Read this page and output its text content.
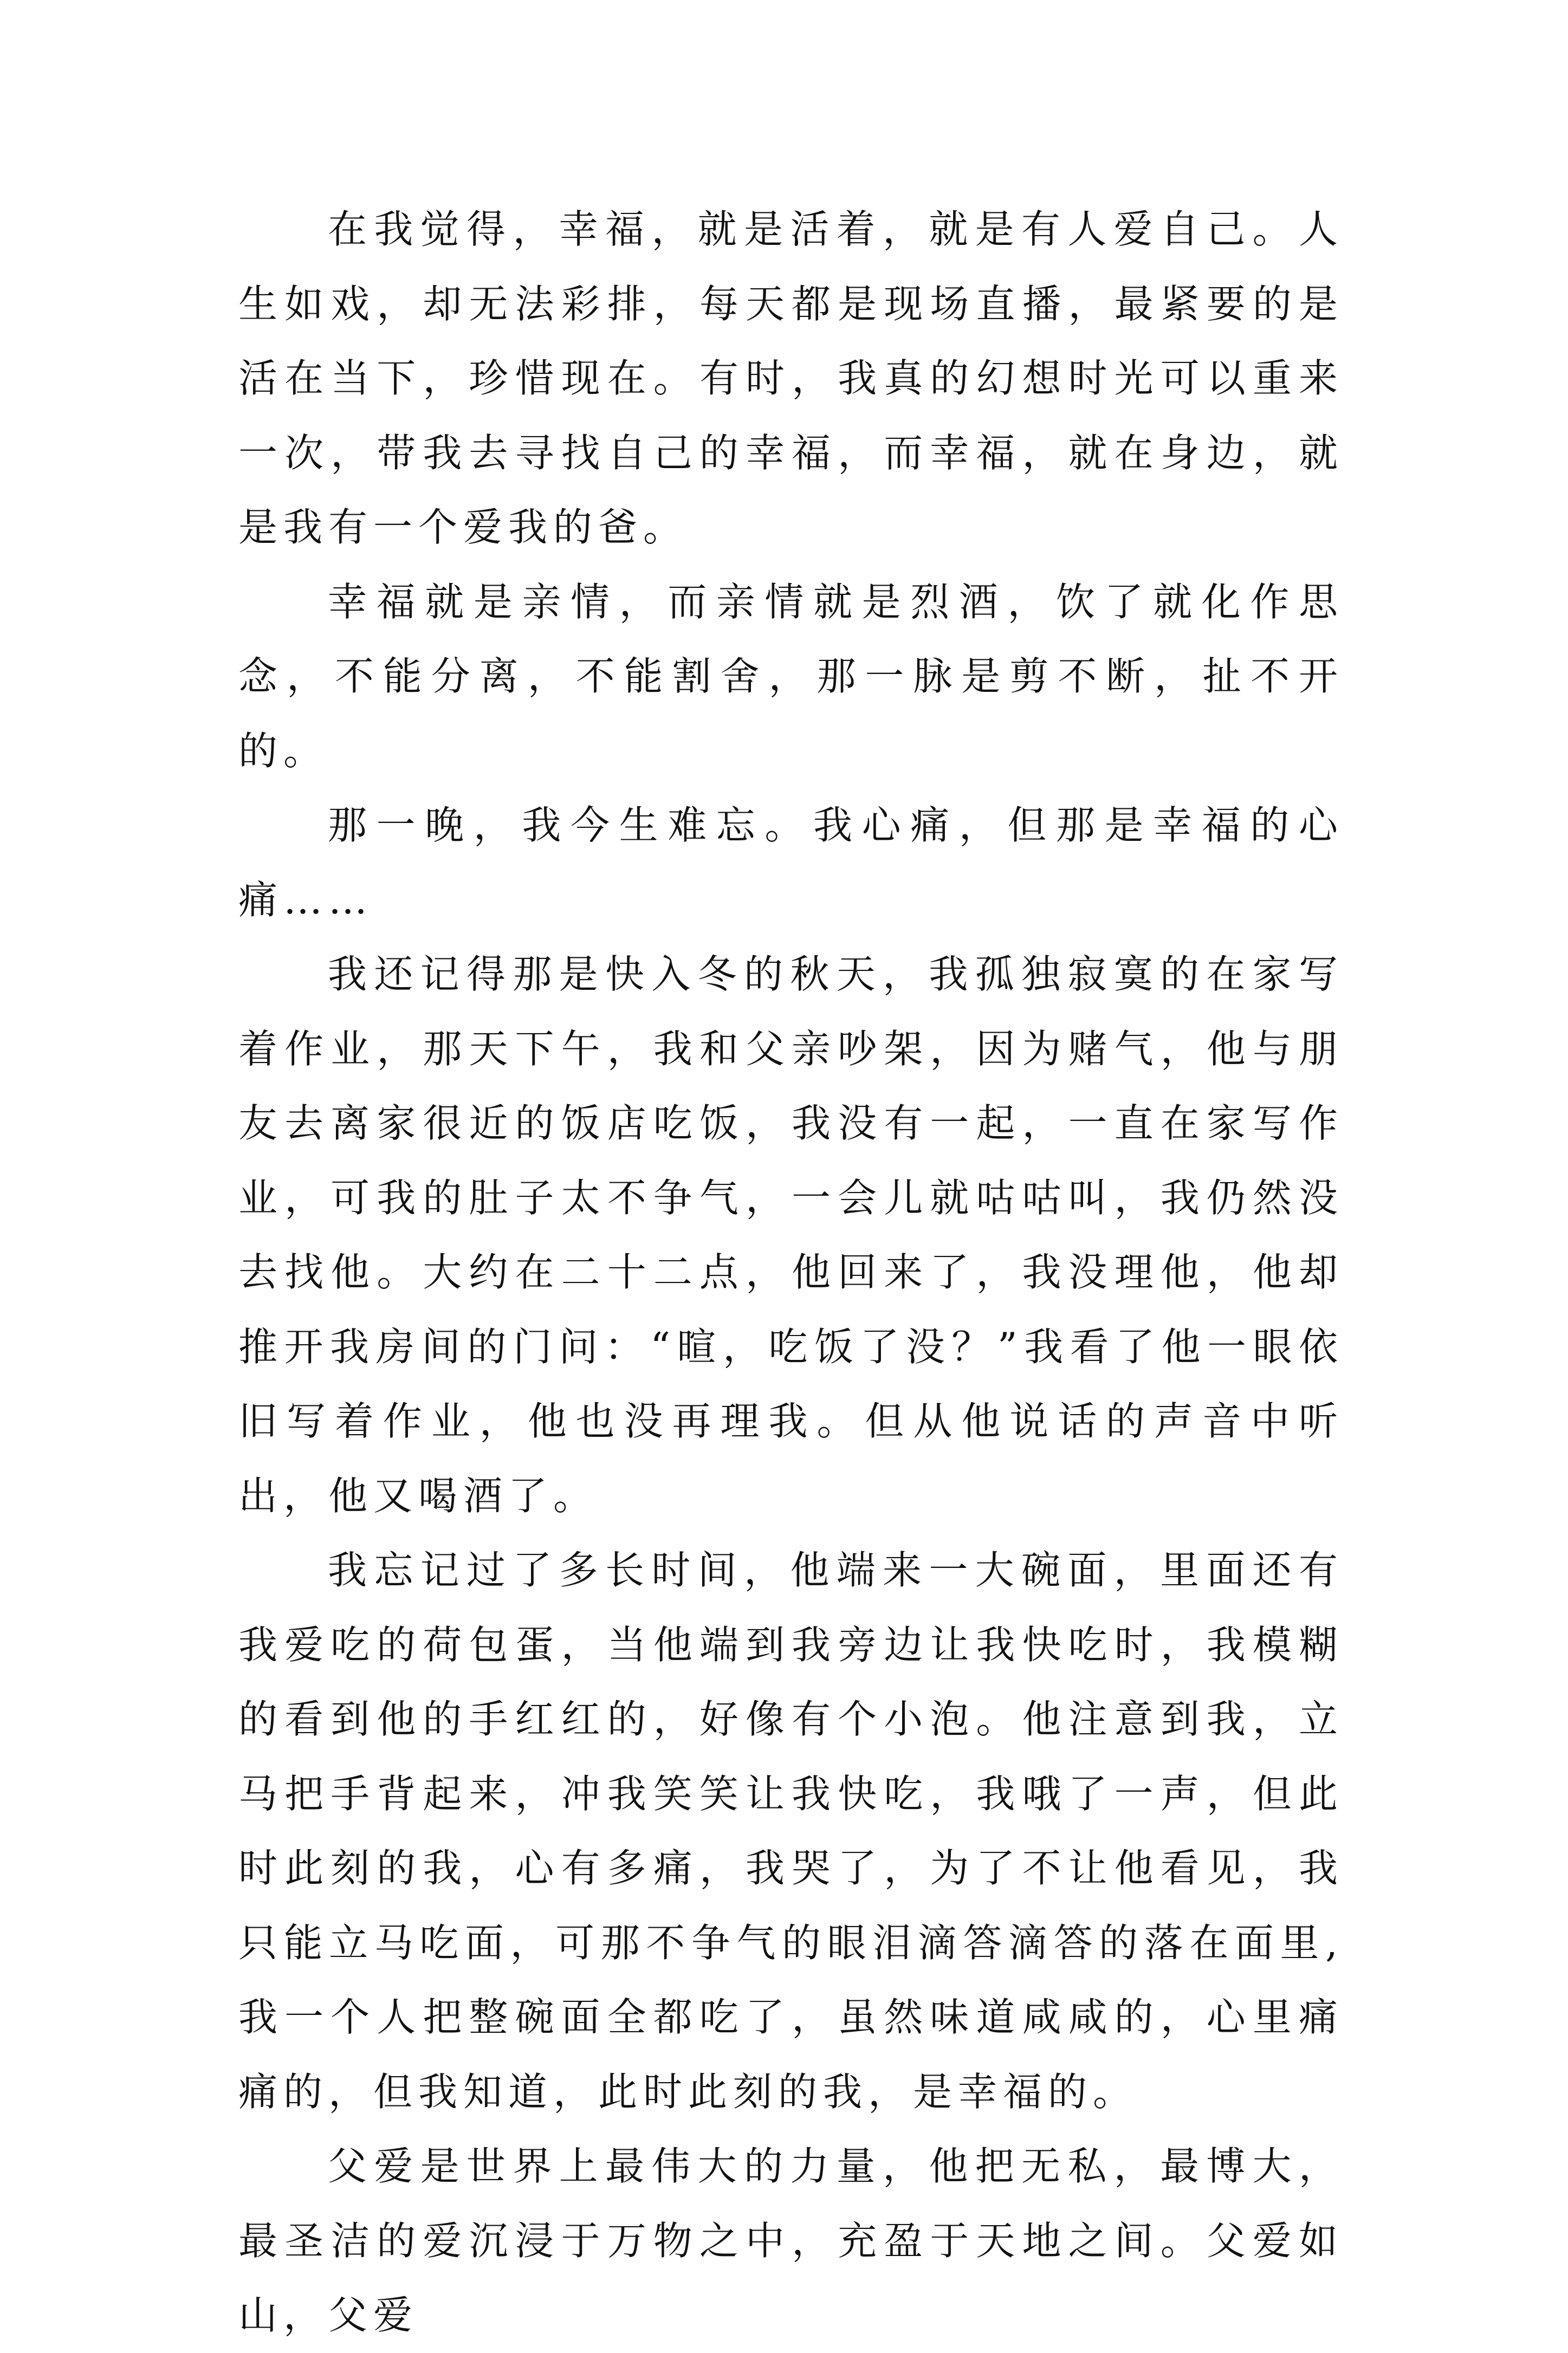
在我觉得，幸福，就是活着，就是有人爱自己。人生如戏，却无法彩排，每天都是现场直播，最紧要的是活在当下，珍惜现在。有时，我真的幻想时光可以重来一次，带我去寻找自己的幸福，而幸福，就在身边，就是我有一个爱我的爸。

幸福就是亲情，而亲情就是烈酒，饮了就化作思念，不能分离，不能割舍，那一脉是剪不断，扯不开的。

那一晚，我今生难忘。我心痛，但那是幸福的心痛……

我还记得那是快入冬的秋天，我孤独寂寞的在家写着作业，那天下午，我和父亲吵架，因为赌气，他与朋友去离家很近的饭店吃饭，我没有一起，一直在家写作业，可我的肚子太不争气，一会儿就咕咕叫，我仍然没去找他。大约在二十二点，他回来了，我没理他，他却推开我房间的门问：“暄，吃饭了没？”我看了他一眼依旧写着作业，他也没再理我。但从他说话的声音中听出，他又喝酒了。

我忘记过了多长时间，他端来一大碗面，里面还有我爱吃的荷包蛋，当他端到我旁边让我快吃时，我模糊的看到他的手红红的，好像有个小泡。他注意到我，立马把手背起来，冲我笑笑让我快吃，我哦了一声，但此时此刻的我，心有多痛，我哭了，为了不让他看见，我只能立马吃面，可那不争气的眼泪滴答滴答的落在面里,我一个人把整碗面全都吃了，虽然味道咸咸的，心里痛痛的，但我知道，此时此刻的我，是幸福的。

父爱是世界上最伟大的力量，他把无私，最博大，最圣洁的爱沉浸于万物之中，充盈于天地之间。父爱如山，父爱
